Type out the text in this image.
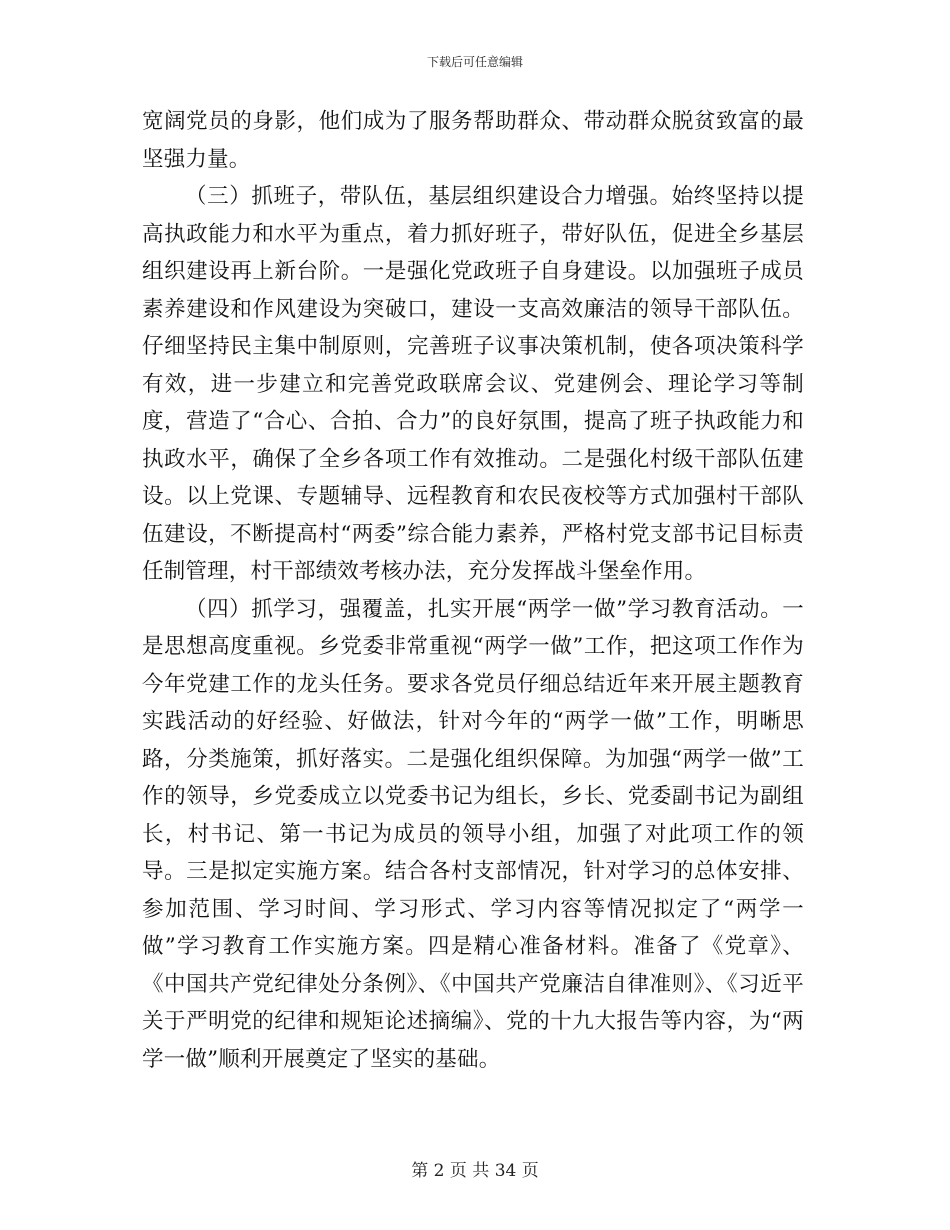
下载后可任意编辑

宽阔党员的身影，他们成为了服务帮助群众、带动群众脱贫致富的最坚强力量。

（三）抓班子，带队伍，基层组织建设合力增强。始终坚持以提高执政能力和水平为重点，着力抓好班子，带好队伍，促进全乡基层组织建设再上新台阶。一是强化党政班子自身建设。以加强班子成员素养建设和作风建设为突破口，建设一支高效廉洁的领导干部队伍。仔细坚持民主集中制原则，完善班子议事决策机制，使各项决策科学有效，进一步建立和完善党政联席会议、党建例会、理论学习等制度，营造了“合心、合拍、合力”的良好氛围，提高了班子执政能力和执政水平，确保了全乡各项工作有效推动。二是强化村级干部队伍建设。以上党课、专题辅导、远程教育和农民夜校等方式加强村干部队伍建设，不断提高村“两委”综合能力素养，严格村党支部书记目标责任制管理，村干部绩效考核办法，充分发挥战斗堡垒作用。

（四）抓学习，强覆盖，扎实开展“两学一做”学习教育活动。一是思想高度重视。乡党委非常重视“两学一做”工作，把这项工作作为今年党建工作的龙头任务。要求各党员仔细总结近年来开展主题教育实践活动的好经验、好做法，针对今年的“两学一做”工作，明晰思路，分类施策，抓好落实。二是强化组织保障。为加强“两学一做”工作的领导，乡党委成立以党委书记为组长，乡长、党委副书记为副组长，村书记、第一书记为成员的领导小组，加强了对此项工作的领导。三是拟定实施方案。结合各村支部情况，针对学习的总体安排、参加范围、学习时间、学习形式、学习内容等情况拟定了“两学一做”学习教育工作实施方案。四是精心准备材料。准备了《党章》、《中国共产党纪律处分条例》、《中国共产党廉洁自律准则》、《习近平关于严明党的纪律和规矩论述摘编》、党的十九大报告等内容，为“两学一做”顺利开展奠定了坚实的基础。

第 2 页 共 34 页
